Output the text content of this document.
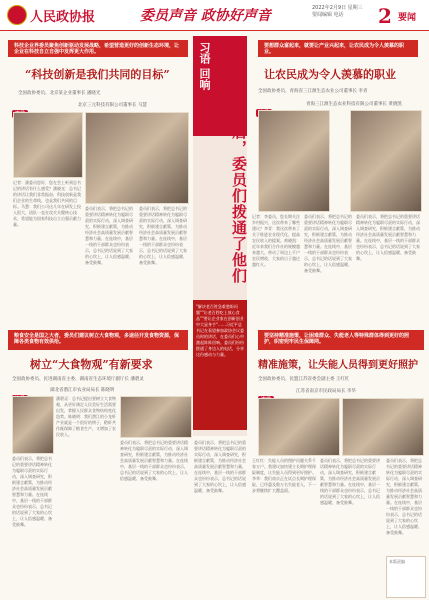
人民政协报	委员声音 政协好声音	2022年2月9日 星期三
要闻编辑 电话	2 要闻
科技企业界委员聚焦创新驱动发展战略，希望营造更好的创新生态环境，让企业在科技自立自强中发挥更大作用。
“科技创新是我们共同的目标”
全国政协委员、北京某企业董事长 潘晓光
北京三元科技有限公司董事长 马慧
记者：潘委员您好，您在会上听到总书记的讲话有什么感受？潘晓光：总书记的讲话让我们非常振奋，科技创新是我们企业的生命线，也是我们共同的目标。马慧：我们公司这几年在研发上投入很大，团队一直在攻关关键核心技术，希望能为国家科技自立自强贡献力量。
委员们表示，将把总书记的重要讲话精神转化为履职尽责的实际行动，深入调查研究，积极建言献策，为推动经济社会高质量发展贡献智慧和力量。在连线中，基层一线的干部群众也纷纷表示，总书记的话说到了大家的心坎上，让人倍感温暖、备受鼓舞。
委员们表示，将把总书记的重要讲话精神转化为履职尽责的实际行动，深入调查研究，积极建言献策，为推动经济社会高质量发展贡献智慧和力量。在连线中，基层一线的干部群众也纷纷表示，总书记的话说到了大家的心坎上，让人倍感温暖、备受鼓舞。
习语 回响	总书记讲话后，委员们拨通了他们的电话……
"解决老百姓急难愁盼问题""让老百姓吃上放心食品""要让企业家在创新创业中大显身手"……习近平总书记在看望参加政协会议委员时的讲话，在委员们心中激起阵阵回响。委员们纷纷拨通了身边人的电话，分享这份感动与力量。
要想群众富起来，就要让产业兴起来，让农民成为令人羡慕的职业。
让农民成为令人羡慕的职业
全国政协委员、青海省三江源生态农业公司董事长 李青
青海三江源生态农业科技有限公司董事长 黄晓凯
记者：李委员，您长期关注乡村振兴，这次带来了哪些建议？李青：我这次带来了关于推进农业现代化、提高农民收入的提案。黄晓凯：近年来我们合作社的规模越来越大，带动了周边上千户农民增收，大家的日子越过越红火。
委员们表示，将把总书记的重要讲话精神转化为履职尽责的实际行动，深入调查研究，积极建言献策，为推动经济社会高质量发展贡献智慧和力量。在连线中，基层一线的干部群众也纷纷表示，总书记的话说到了大家的心坎上，让人倍感温暖、备受鼓舞。
委员们表示，将把总书记的重要讲话精神转化为履职尽责的实际行动，深入调查研究，积极建言献策，为推动经济社会高质量发展贡献智慧和力量。在连线中，基层一线的干部群众也纷纷表示，总书记的话说到了大家的心坎上，让人倍感温暖、备受鼓舞。
粮食安全是国之大者，委员们建议树立大食物观，多途径开发食物资源，保障各类食物有效供给。
树立“大食物观”有新要求
全国政协委员、民进湖南省主委、湖南省生态环境厅副厅长 潘碧灵
湖北省潜江市农业局局长 陈晓明
潘碧灵：总书记提出要树立大食物观，从更好满足人民美好生活需要出发，掌握人民群众食物结构变化趋势。陈晓明：我们潜江的小龙虾产业就是一个很好的例子，稻虾共作既保障了粮食生产，又增加了农民收入。
委员们表示，将把总书记的重要讲话精神转化为履职尽责的实际行动，深入调查研究，积极建言献策，为推动经济社会高质量发展贡献智慧和力量。在连线中，基层一线的干部群众也纷纷表示，总书记的话说到了大家的心坎上，让人倍感温暖、备受鼓舞。
委员们表示，将把总书记的重要讲话精神转化为履职尽责的实际行动，深入调查研究，积极建言献策，为推动经济社会高质量发展贡献智慧和力量。在连线中，基层一线的干部群众也纷纷表示，总书记的话说到了大家的心坎上，让人倍感温暖、备受鼓舞。
委员们表示，将把总书记的重要讲话精神转化为履职尽责的实际行动，深入调查研究，积极建言献策，为推动经济社会高质量发展贡献智慧和力量。在连线中，基层一线的干部群众也纷纷表示，总书记的话说到了大家的心坎上，让人倍感温暖、备受鼓舞。
要坚持精准施策，让困难群众、失能老人等特殊群体得到更好的照护，织密兜牢民生保障网。
精准施策，让失能人员得到更好照护
全国政协委员、民盟江苏省委会副主委 王红红
江苏省南京市民政局局长 李华
王红红：失能人员的照护问题关系千家万户。我建议加快建立长期护理保险制度，让失能人员得到更好照护。李华：我们南京正在试点长期护理保险，已经惠及数万名失能老人，下一步将继续扩大覆盖面。
委员们表示，将把总书记的重要讲话精神转化为履职尽责的实际行动，深入调查研究，积极建言献策，为推动经济社会高质量发展贡献智慧和力量。在连线中，基层一线的干部群众也纷纷表示，总书记的话说到了大家的心坎上，让人倍感温暖、备受鼓舞。
委员们表示，将把总书记的重要讲话精神转化为履职尽责的实际行动，深入调查研究，积极建言献策，为推动经济社会高质量发展贡献智慧和力量。在连线中，基层一线的干部群众也纷纷表示，总书记的话说到了大家的心坎上，让人倍感温暖、备受鼓舞。
本版责编
